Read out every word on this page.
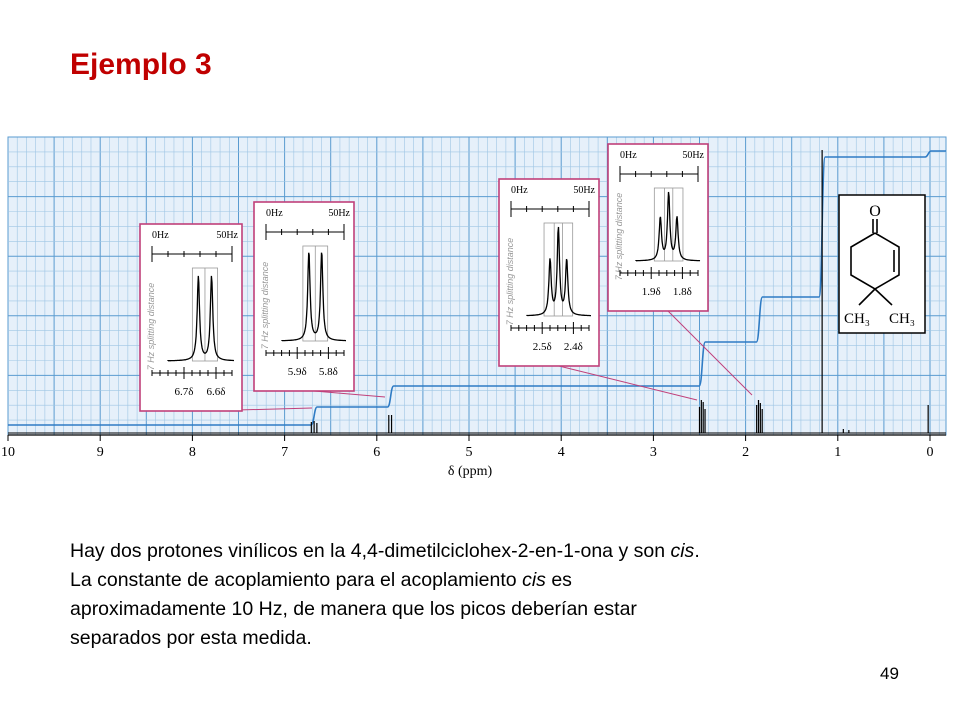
Ejemplo 3
10	9	8	7	6	5	4	3	2	1	0
δ (ppm)
0Hz	50Hz
7 Hz splitting distance
6.7δ 6.6δ
0Hz	50Hz
7 Hz splitting distance
5.9δ 5.8δ
0Hz	50Hz
7 Hz splitting distance
2.5δ 2.4δ
0Hz	50Hz
7 Hz splitting distance
1.9δ 1.8δ
O
CH₃ CH₃

Hay dos protones vinílicos en la 4,4-dimetilciclohex-2-en-1-ona y son cis.

La constante de acoplamiento para el acoplamiento cis es

aproximadamente 10 Hz, de manera que los picos deberían estar

separados por esta medida.

49
